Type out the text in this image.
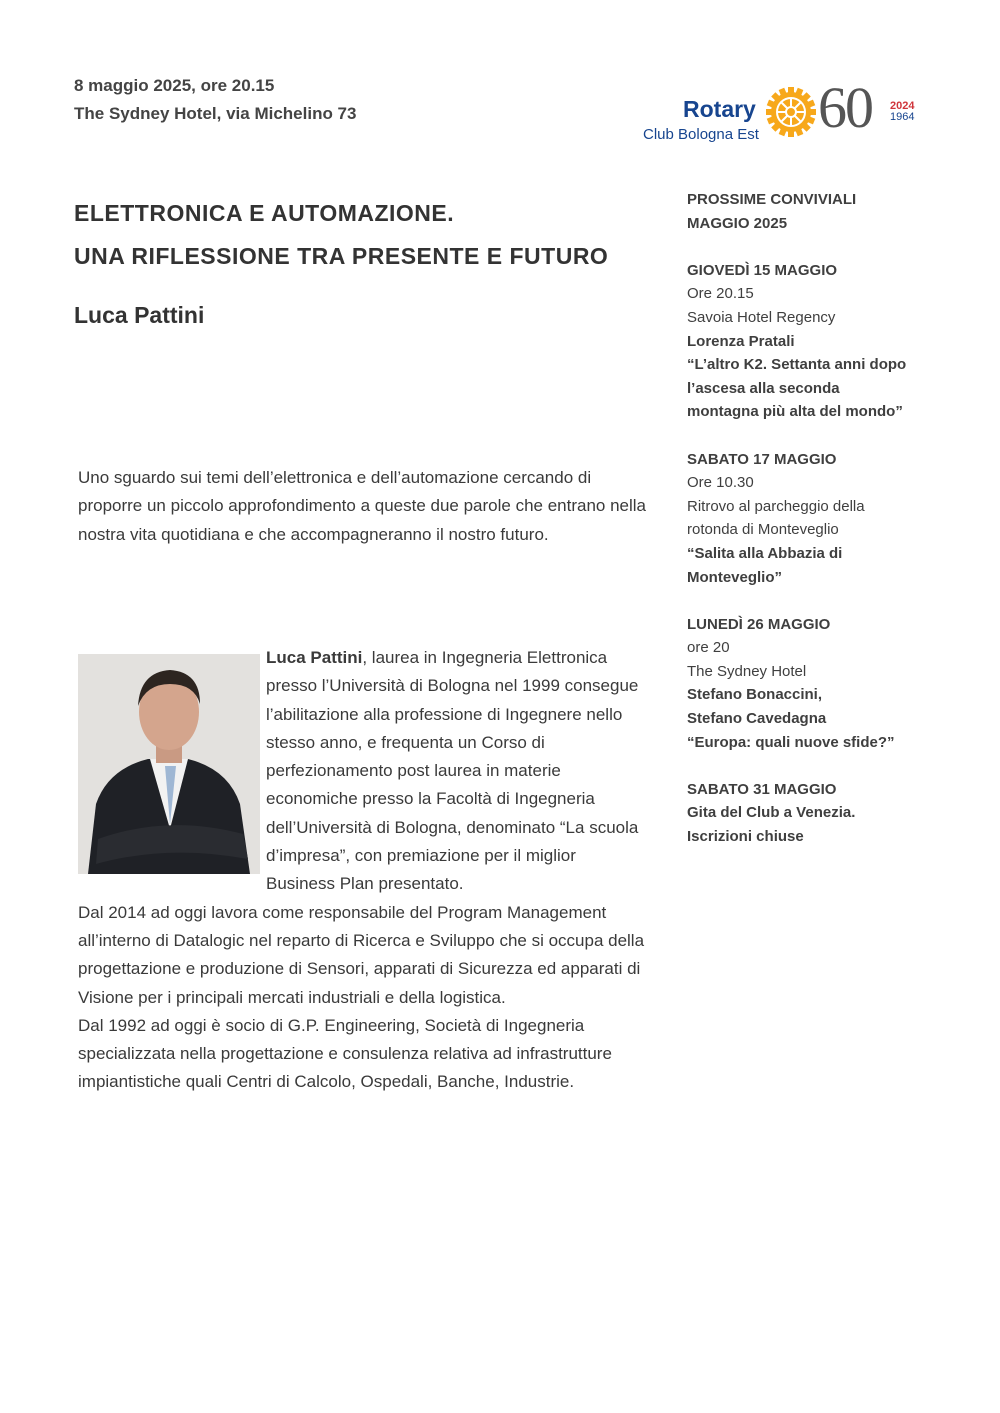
8 maggio 2025, ore 20.15
The Sydney Hotel, via Michelino 73	Rotary
Club Bologna Est 60 2024
1964
ELETTRONICA E AUTOMAZIONE.
UNA RIFLESSIONE TRA PRESENTE E FUTURO
Luca Pattini
Uno sguardo sui temi dell’elettronica e dell’automazione cercando di proporre un piccolo approfondimento a queste due parole che entrano nella nostra vita quotidiana e che accompagneranno il nostro futuro.

Luca Pattini, laurea in Ingegneria Elettronica presso l’Università di Bologna nel 1999 consegue l’abilitazione alla professione di Ingegnere nello stesso anno, e frequenta un Corso di perfezionamento post laurea in materie economiche presso la Facoltà di Ingegneria dell’Università di Bologna, denominato “La scuola d’impresa”, con premiazione per il miglior Business Plan presentato.

Dal 2014 ad oggi lavora come responsabile del Program Management all’interno di Datalogic nel reparto di Ricerca e Sviluppo che si occupa della progettazione e produzione di Sensori, apparati di Sicurezza ed apparati di Visione per i principali mercati industriali e della logistica.

Dal 1992 ad oggi è socio di G.P. Engineering, Società di Ingegneria specializzata nella progettazione e consulenza relativa ad infrastrutture impiantistiche quali Centri di Calcolo, Ospedali, Banche, Industrie.

PROSSIME CONVIVIALI
MAGGIO 2025
GIOVEDÌ 15 MAGGIO
Ore 20.15
Savoia Hotel Regency
Lorenza Pratali
“L’altro K2. Settanta anni dopo
l’ascesa alla seconda
montagna più alta del mondo”
SABATO 17 MAGGIO
Ore 10.30
Ritrovo al parcheggio della
rotonda di Monteveglio
“Salita alla Abbazia di
Monteveglio”
LUNEDÌ 26 MAGGIO
ore 20
The Sydney Hotel
Stefano Bonaccini,
Stefano Cavedagna
“Europa: quali nuove sfide?”
SABATO 31 MAGGIO
Gita del Club a Venezia.
Iscrizioni chiuse
